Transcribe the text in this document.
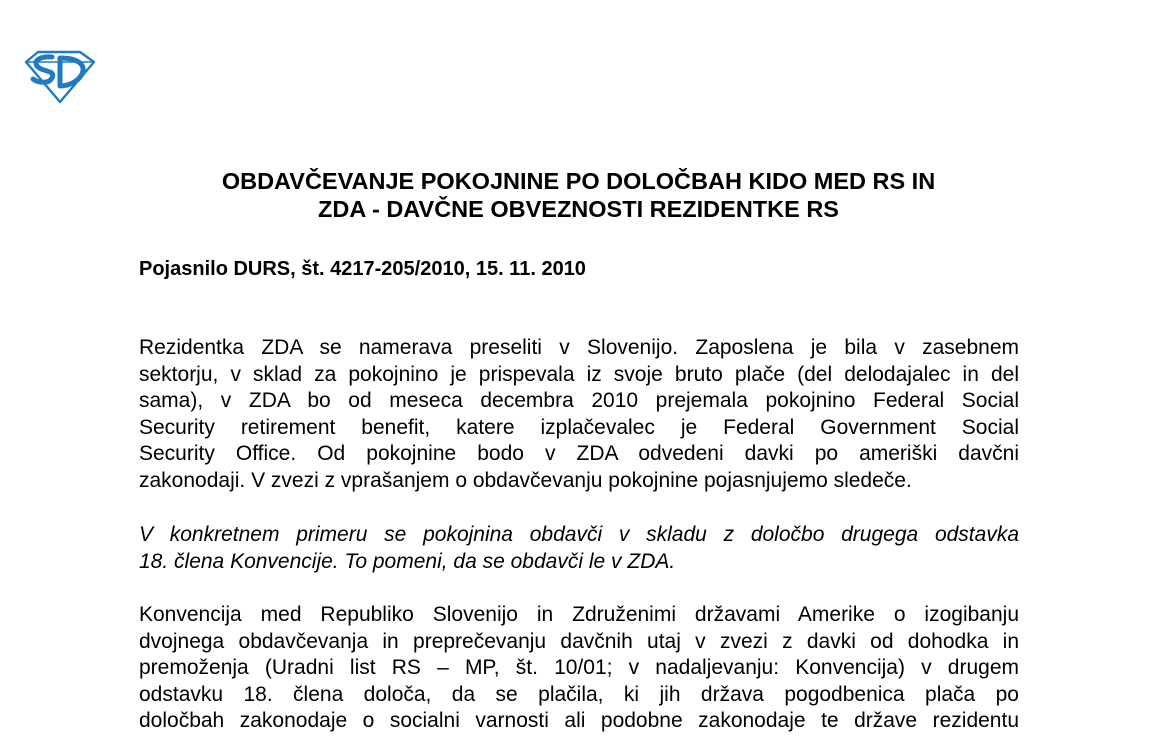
OBDAVČEVANJE POKOJNINE PO DOLOČBAH KIDO MED RS IN
ZDA - DAVČNE OBVEZNOSTI REZIDENTKE RS
Pojasnilo DURS, št. 4217-205/2010, 15. 11. 2010
Rezidentka ZDA se namerava preseliti v Slovenijo. Zaposlena je bila v zasebnem
sektorju, v sklad za pokojnino je prispevala iz svoje bruto plače (del delodajalec in del
sama), v ZDA bo od meseca decembra 2010 prejemala pokojnino Federal Social
Security retirement benefit, katere izplačevalec je Federal Government Social
Security Office. Od pokojnine bodo v ZDA odvedeni davki po ameriški davčni
zakonodaji. V zvezi z vprašanjem o obdavčevanju pokojnine pojasnjujemo sledeče.
V konkretnem primeru se pokojnina obdavči v skladu z določbo drugega odstavka
18. člena Konvencije. To pomeni, da se obdavči le v ZDA.
Konvencija med Republiko Slovenijo in Združenimi državami Amerike o izogibanju
dvojnega obdavčevanja in preprečevanju davčnih utaj v zvezi z davki od dohodka in
premoženja (Uradni list RS – MP, št. 10/01; v nadaljevanju: Konvencija) v drugem
odstavku 18. člena določa, da se plačila, ki jih država pogodbenica plača po
določbah zakonodaje o socialni varnosti ali podobne zakonodaje te države rezidentu
